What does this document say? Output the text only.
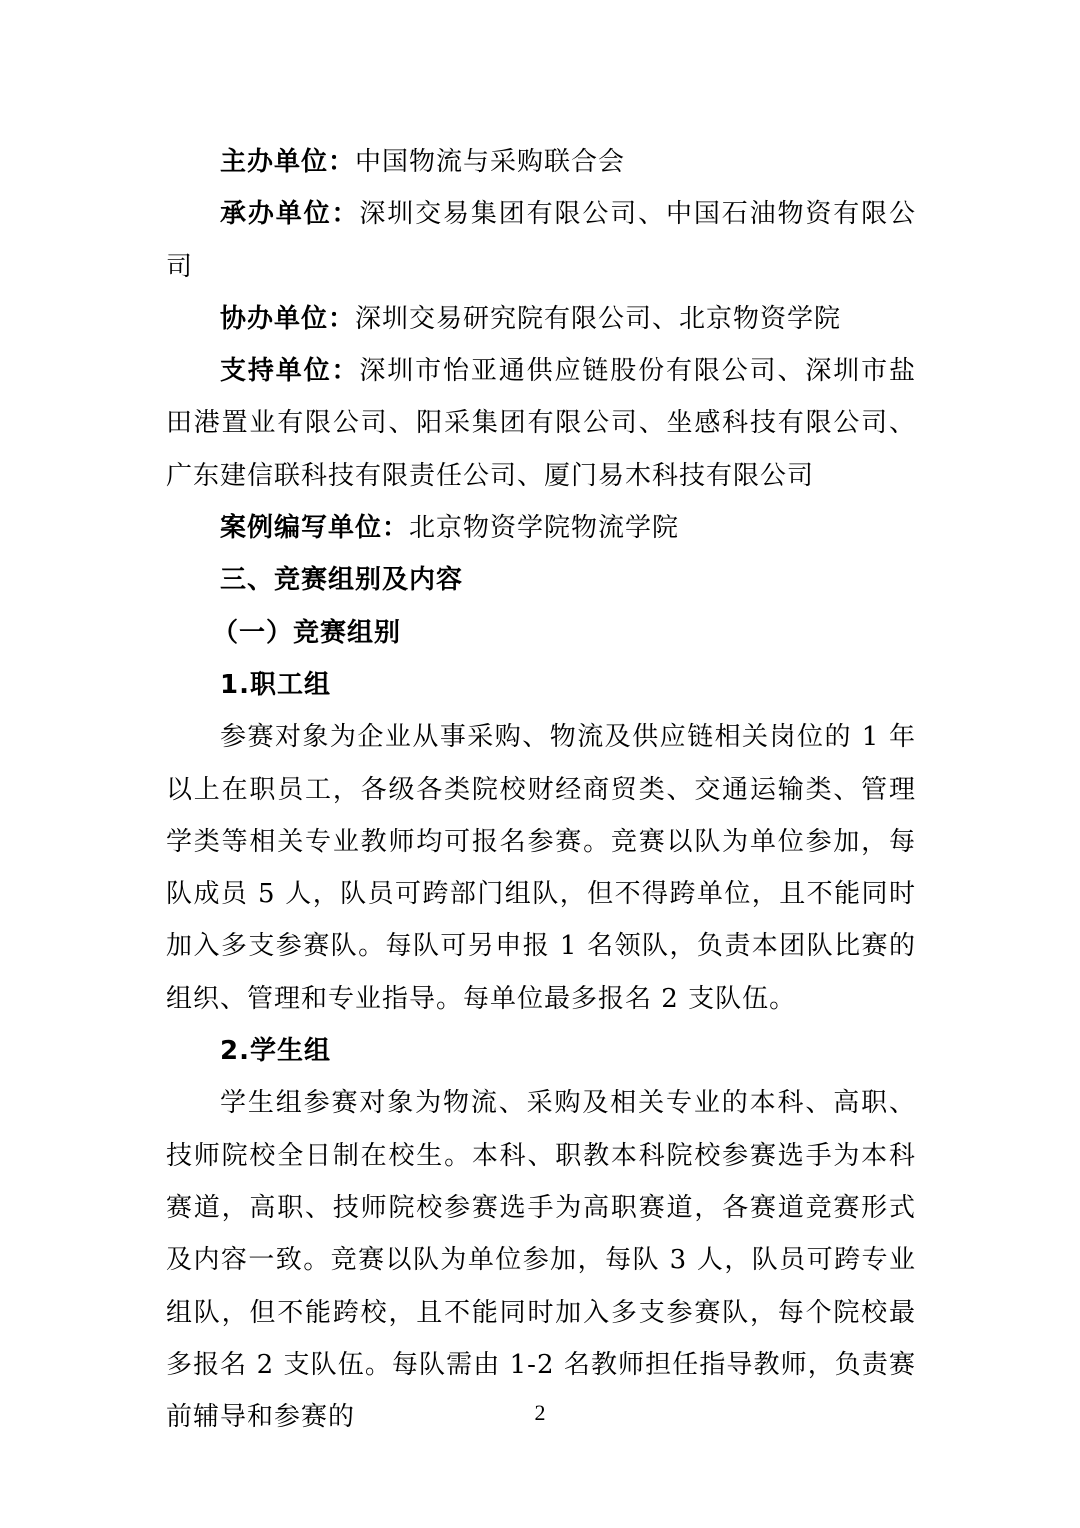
主办单位：中国物流与采购联合会

承办单位：深圳交易集团有限公司、中国石油物资有限公司

协办单位：深圳交易研究院有限公司、北京物资学院

支持单位：深圳市怡亚通供应链股份有限公司、深圳市盐田港置业有限公司、阳采集团有限公司、坐感科技有限公司、广东建信联科技有限责任公司、厦门易木科技有限公司

案例编写单位：北京物资学院物流学院

三、竞赛组别及内容

（一）竞赛组别

1.职工组

参赛对象为企业从事采购、物流及供应链相关岗位的 1 年以上在职员工，各级各类院校财经商贸类、交通运输类、管理学类等相关专业教师均可报名参赛。竞赛以队为单位参加，每队成员 5 人，队员可跨部门组队，但不得跨单位，且不能同时加入多支参赛队。每队可另申报 1 名领队，负责本团队比赛的组织、管理和专业指导。每单位最多报名 2 支队伍。

2.学生组

学生组参赛对象为物流、采购及相关专业的本科、高职、技师院校全日制在校生。本科、职教本科院校参赛选手为本科赛道，高职、技师院校参赛选手为高职赛道，各赛道竞赛形式及内容一致。竞赛以队为单位参加，每队 3 人，队员可跨专业组队，但不能跨校，且不能同时加入多支参赛队，每个院校最多报名 2 支队伍。每队需由 1-2 名教师担任指导教师，负责赛前辅导和参赛的	2
